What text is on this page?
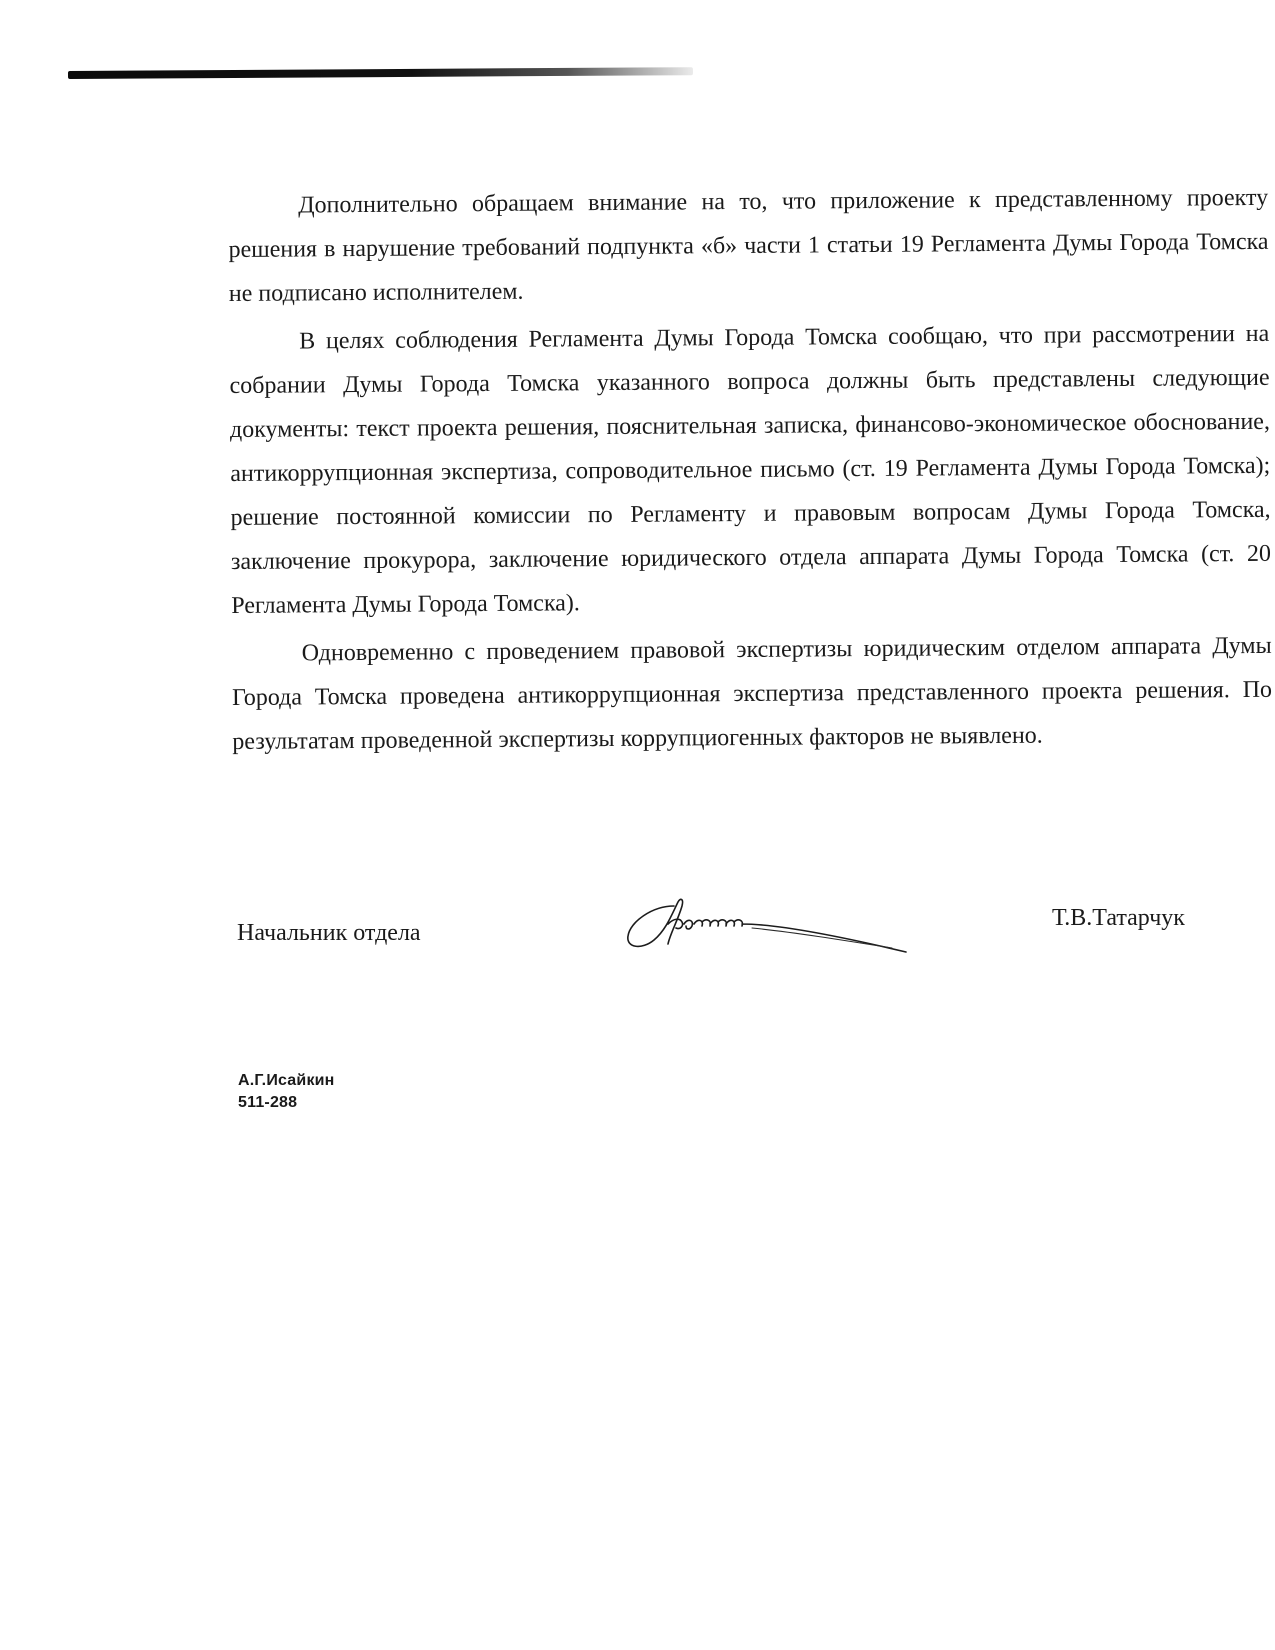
Дополнительно обращаем внимание на то, что приложение к представленному проекту решения в нарушение требований подпункта «б» части 1 статьи 19 Регламента Думы Города Томска не подписано исполнителем.

В целях соблюдения Регламента Думы Города Томска сообщаю, что при рассмотрении на собрании Думы Города Томска указанного вопроса должны быть представлены следующие документы: текст проекта решения, пояснительная записка, финансово-экономическое обоснование, антикоррупционная экспертиза, сопроводительное письмо (ст. 19 Регламента Думы Города Томска); решение постоянной комиссии по Регламенту и правовым вопросам Думы Города Томска, заключение прокурора, заключение юридического отдела аппарата Думы Города Томска (ст. 20 Регламента Думы Города Томска).

Одновременно с проведением правовой экспертизы юридическим отделом аппарата Думы Города Томска проведена антикоррупционная экспертиза представленного проекта решения. По результатам проведенной экспертизы коррупциогенных факторов не выявлено.

Начальник отдела
Т.В.Татарчук
А.Г.Исайкин
511-288
